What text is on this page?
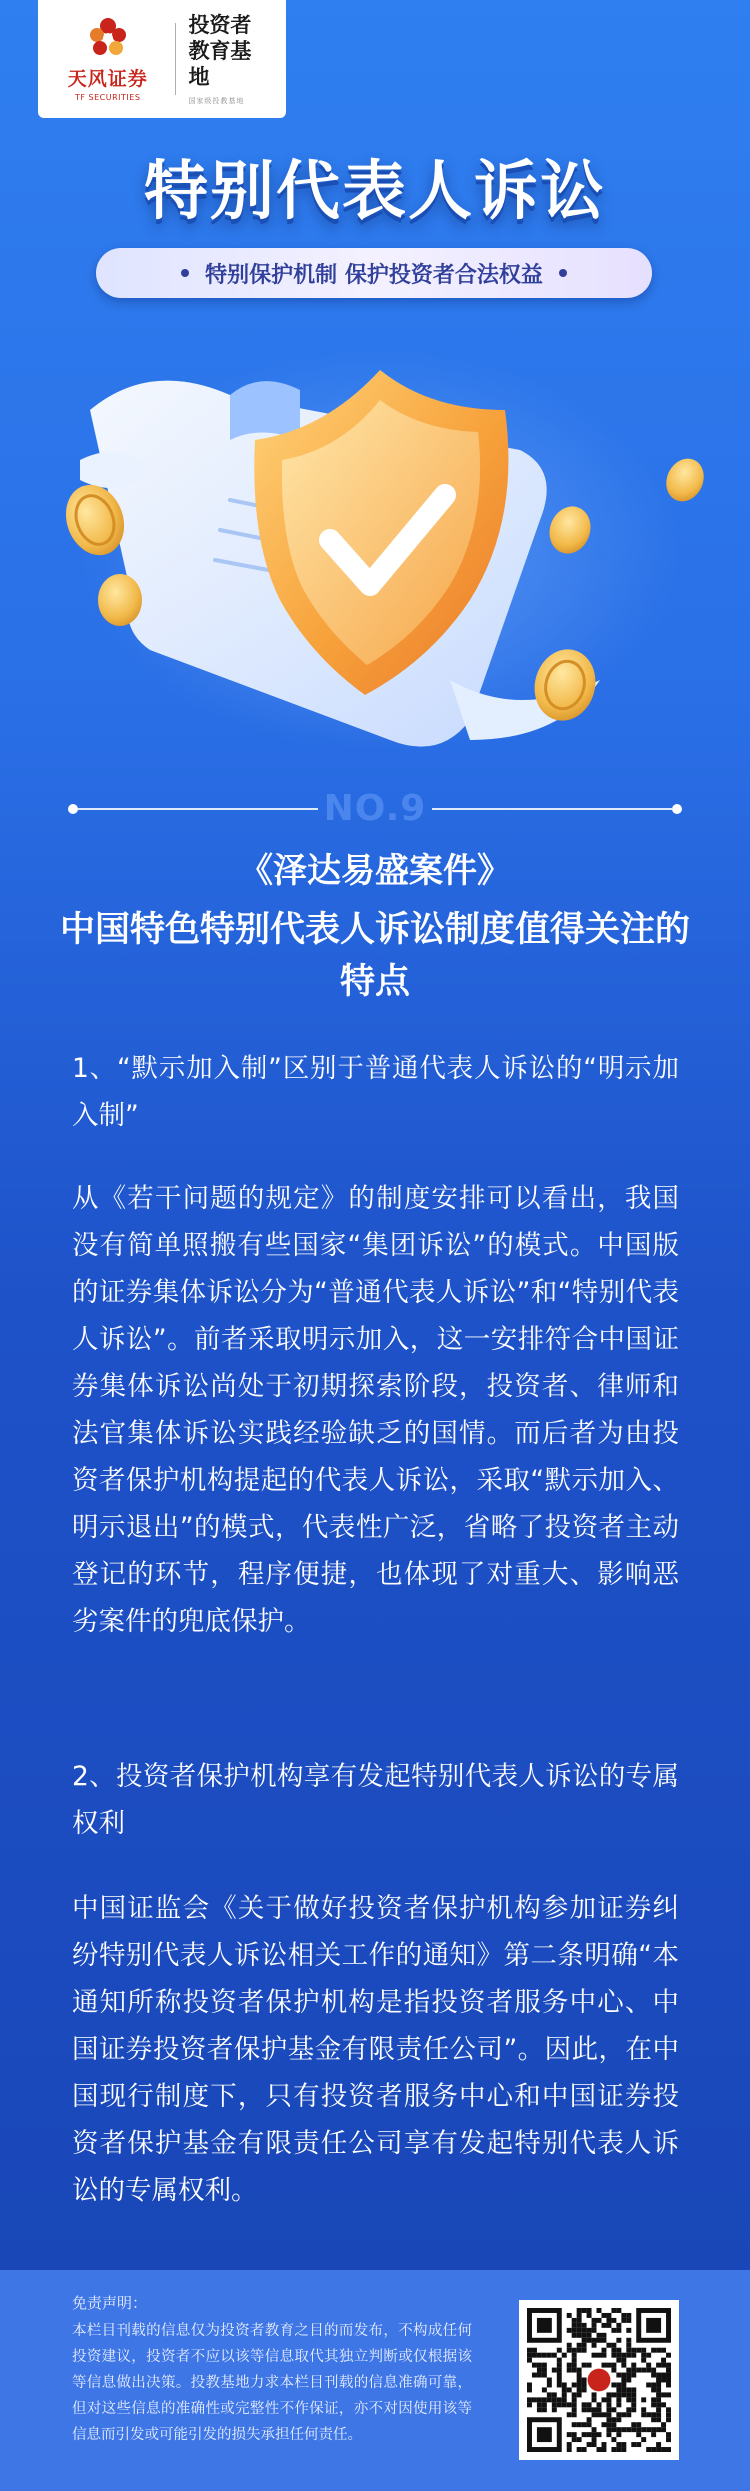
天风证券
TF SECURITIES
投资者
教育基地
国家级投教基地
特别代表人诉讼
特别保护机制 保护投资者合法权益
NO.9
《泽达易盛案件》
中国特色特别代表人诉讼制度值得关注的特点

1、“默示加入制”区别于普通代表人诉讼的“明示加入制”

从《若干问题的规定》的制度安排可以看出，我国没有简单照搬有些国家“集团诉讼”的模式。中国版的证券集体诉讼分为“普通代表人诉讼”和“特别代表人诉讼”。前者采取明示加入，这一安排符合中国证券集体诉讼尚处于初期探索阶段，投资者、律师和法官集体诉讼实践经验缺乏的国情。而后者为由投资者保护机构提起的代表人诉讼，采取“默示加入、明示退出”的模式，代表性广泛，省略了投资者主动登记的环节，程序便捷，也体现了对重大、影响恶劣案件的兜底保护。

2、投资者保护机构享有发起特别代表人诉讼的专属权利

中国证监会《关于做好投资者保护机构参加证券纠纷特别代表人诉讼相关工作的通知》第二条明确“本通知所称投资者保护机构是指投资者服务中心、中国证券投资者保护基金有限责任公司”。因此，在中国现行制度下，只有投资者服务中心和中国证券投资者保护基金有限责任公司享有发起特别代表人诉讼的专属权利。

免责声明：
本栏目刊载的信息仅为投资者教育之目的而发布，不构成任何投资建议，投资者不应以该等信息取代其独立判断或仅根据该等信息做出决策。投教基地力求本栏目刊载的信息准确可靠，但对这些信息的准确性或完整性不作保证，亦不对因使用该等信息而引发或可能引发的损失承担任何责任。
